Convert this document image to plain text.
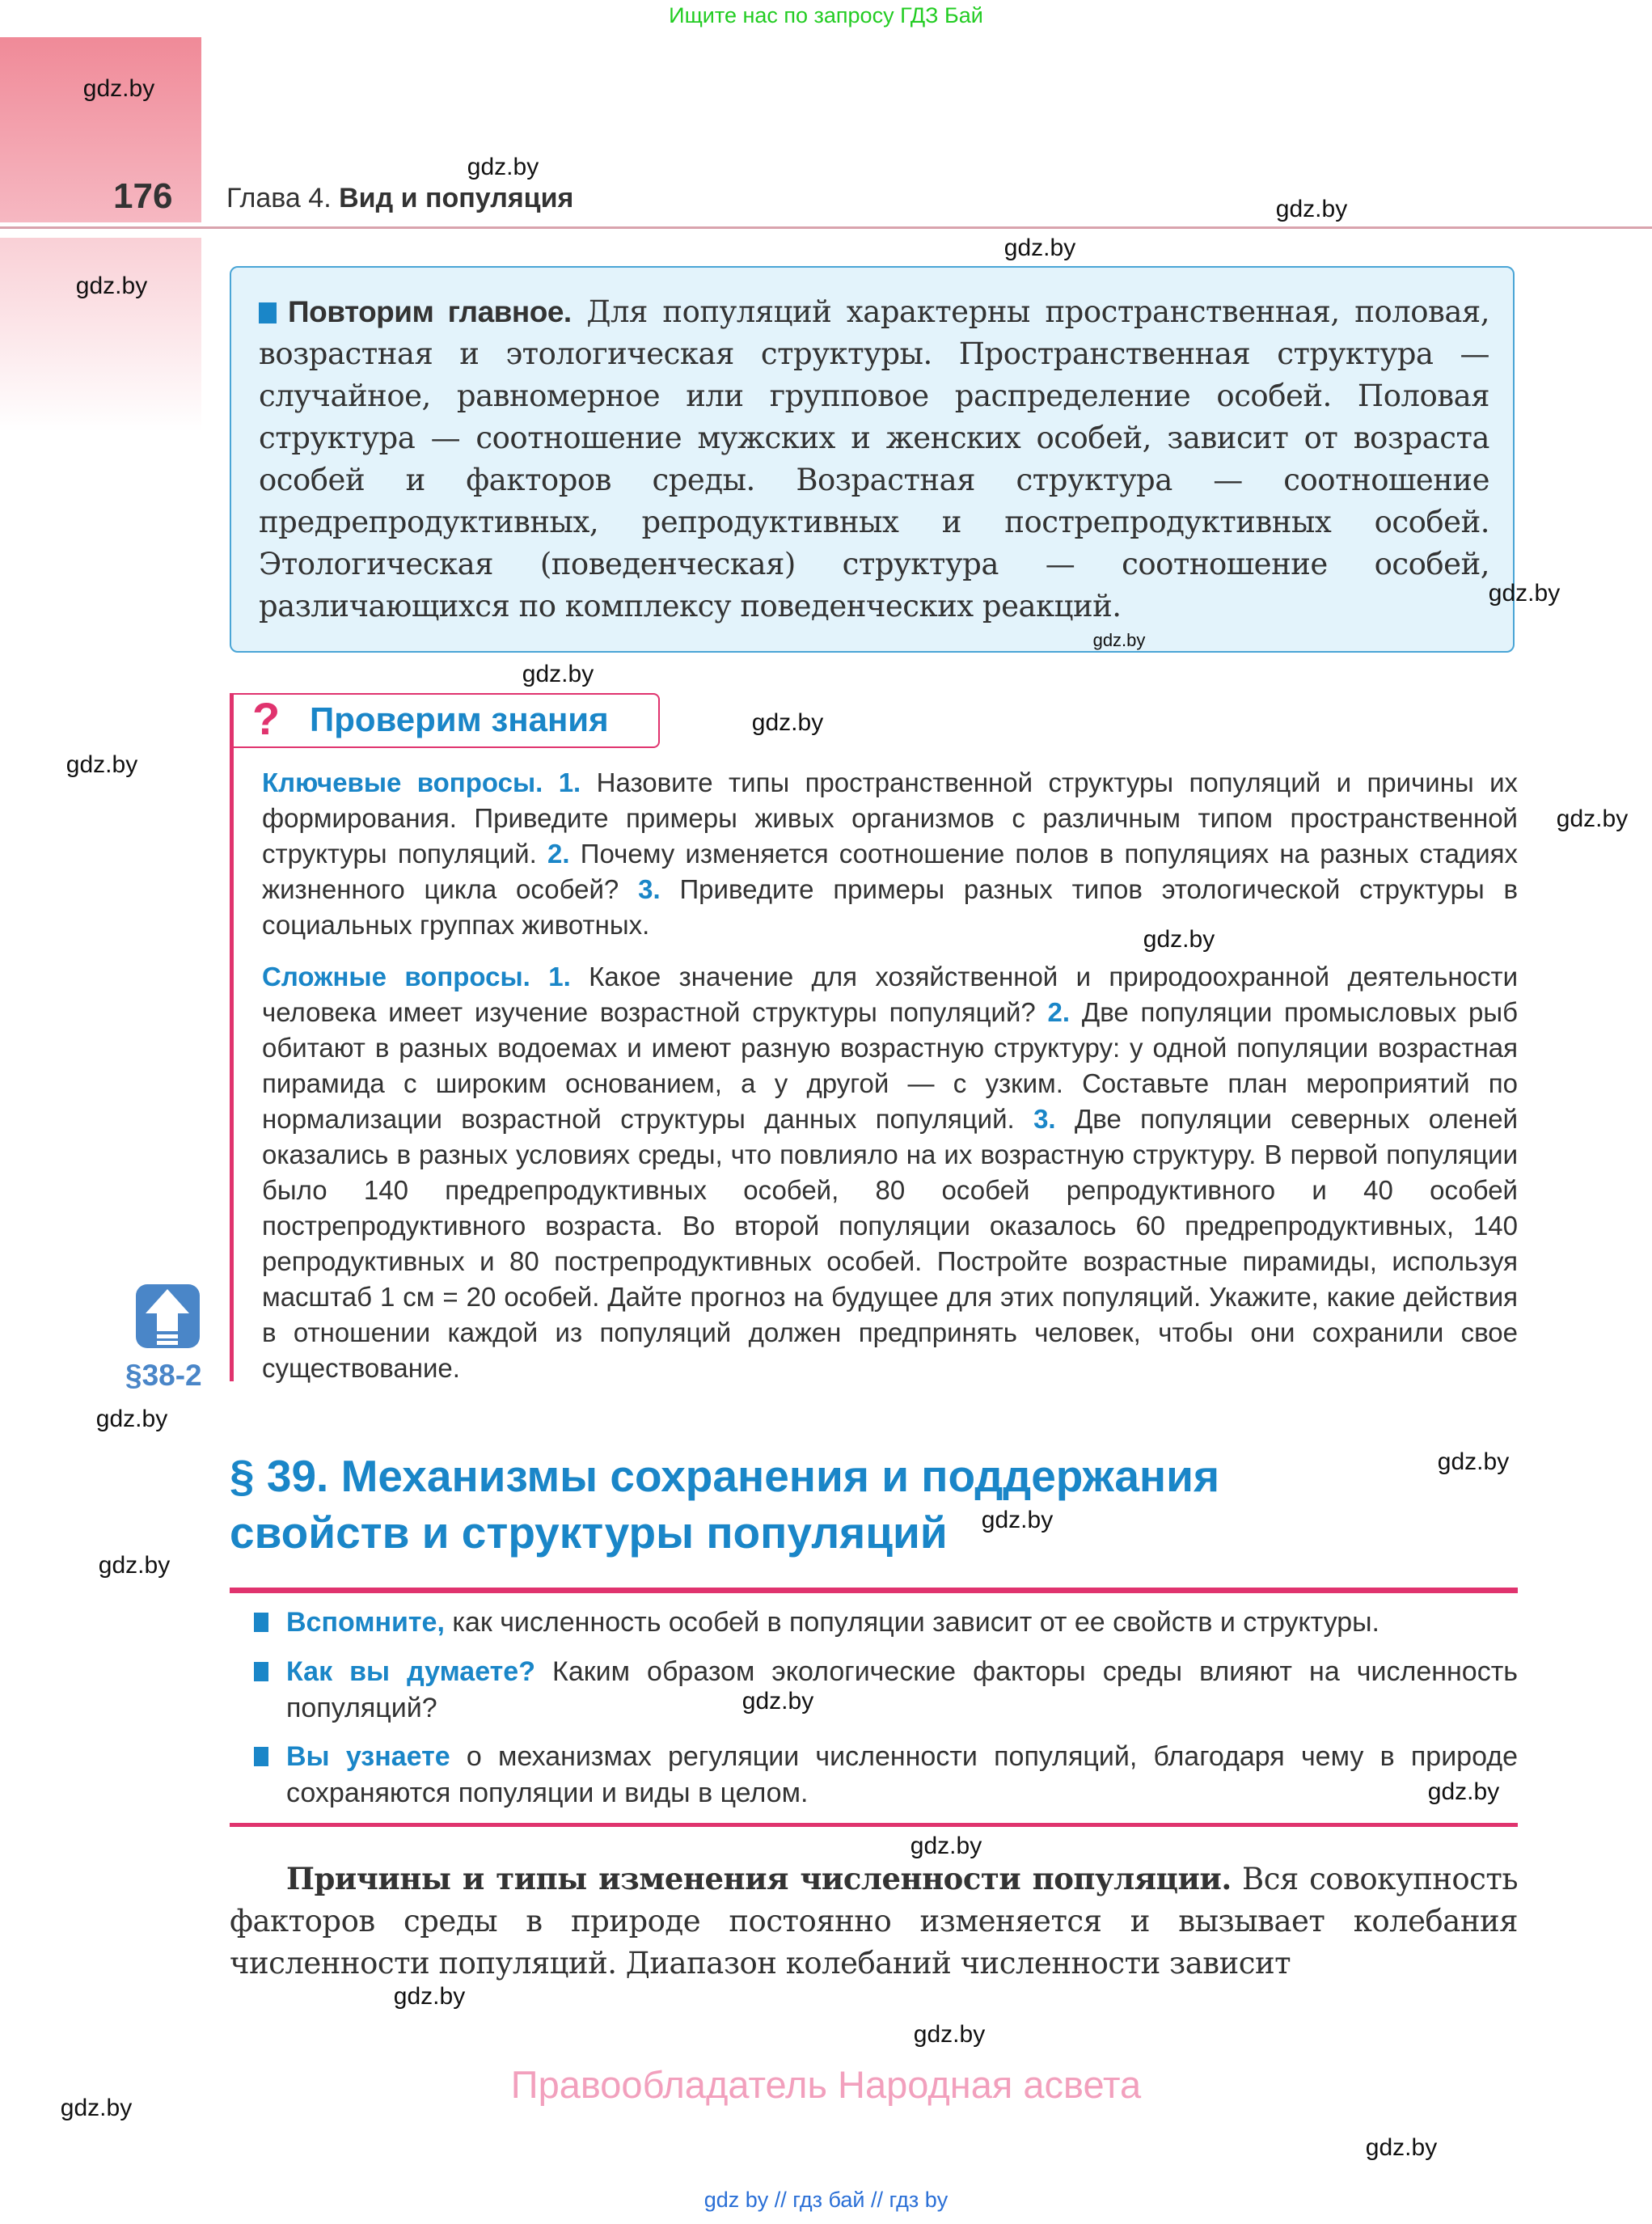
Ищите нас по запросу ГДЗ Бай
176 Глава 4. Вид и популяция
Повторим главное. Для популяций характерны пространственная, половая, возрастная и этологическая структуры. Пространственная структура — случайное, равномерное или групповое распределение особей. Половая структура — соотношение мужских и женских особей, зависит от возраста особей и факторов среды. Возрастная структура — соотношение предрепродуктивных, репродуктивных и пострепродуктивных особей. Этологическая (поведенческая) структура — соотношение особей, различающихся по комплексу поведенческих реакций.
? Проверим знания
Ключевые вопросы. 1. Назовите типы пространственной структуры популяций и причины их формирования. Приведите примеры живых организмов с различным типом пространственной структуры популяций. 2. Почему изменяется соотношение полов в популяциях на разных стадиях жизненного цикла особей? 3. Приведите примеры разных типов этологической структуры в социальных группах животных.
Сложные вопросы. 1. Какое значение для хозяйственной и природоохранной деятельности человека имеет изучение возрастной структуры популяций? 2. Две популяции промысловых рыб обитают в разных водоемах и имеют разную возрастную структуру: у одной популяции возрастная пирамида с широким основанием, а у другой — с узким. Составьте план мероприятий по нормализации возрастной структуры данных популяций. 3. Две популяции северных оленей оказались в разных условиях среды, что повлияло на их возрастную структуру. В первой популяции было 140 предрепродуктивных особей, 80 особей репродуктивного и 40 особей пострепродуктивного возраста. Во второй популяции оказалось 60 предрепродуктивных, 140 репродуктивных и 80 пострепродуктивных особей. Постройте возрастные пирамиды, используя масштаб 1 см = 20 особей. Дайте прогноз на будущее для этих популяций. Укажите, какие действия в отношении каждой из популяций должен предпринять человек, чтобы они сохранили свое существование.
§38-2
§ 39. Механизмы сохранения и поддержания
свойств и структуры популяций
Вспомните, как численность особей в популяции зависит от ее свойств и структуры.
Как вы думаете? Каким образом экологические факторы среды влияют на численность популяций?
Вы узнаете о механизмах регуляции численности популяций, благодаря чему в природе сохраняются популяции и виды в целом.
Причины и типы изменения численности популяции. Вся совокупность факторов среды в природе постоянно изменяется и вызывает колебания численности популяций. Диапазон колебаний численности зависит
Правообладатель Народная асвета
gdz by // гдз бай // гдз by
gdz.by
gdz.by
gdz.by
gdz.by
gdz.by
gdz.by
gdz.by
gdz.by
gdz.by
gdz.by
gdz.by
gdz.by
gdz.by
gdz.by
gdz.by
gdz.by
gdz.by
gdz.by
gdz.by
gdz.by
gdz.by
gdz.by
gdz.by
